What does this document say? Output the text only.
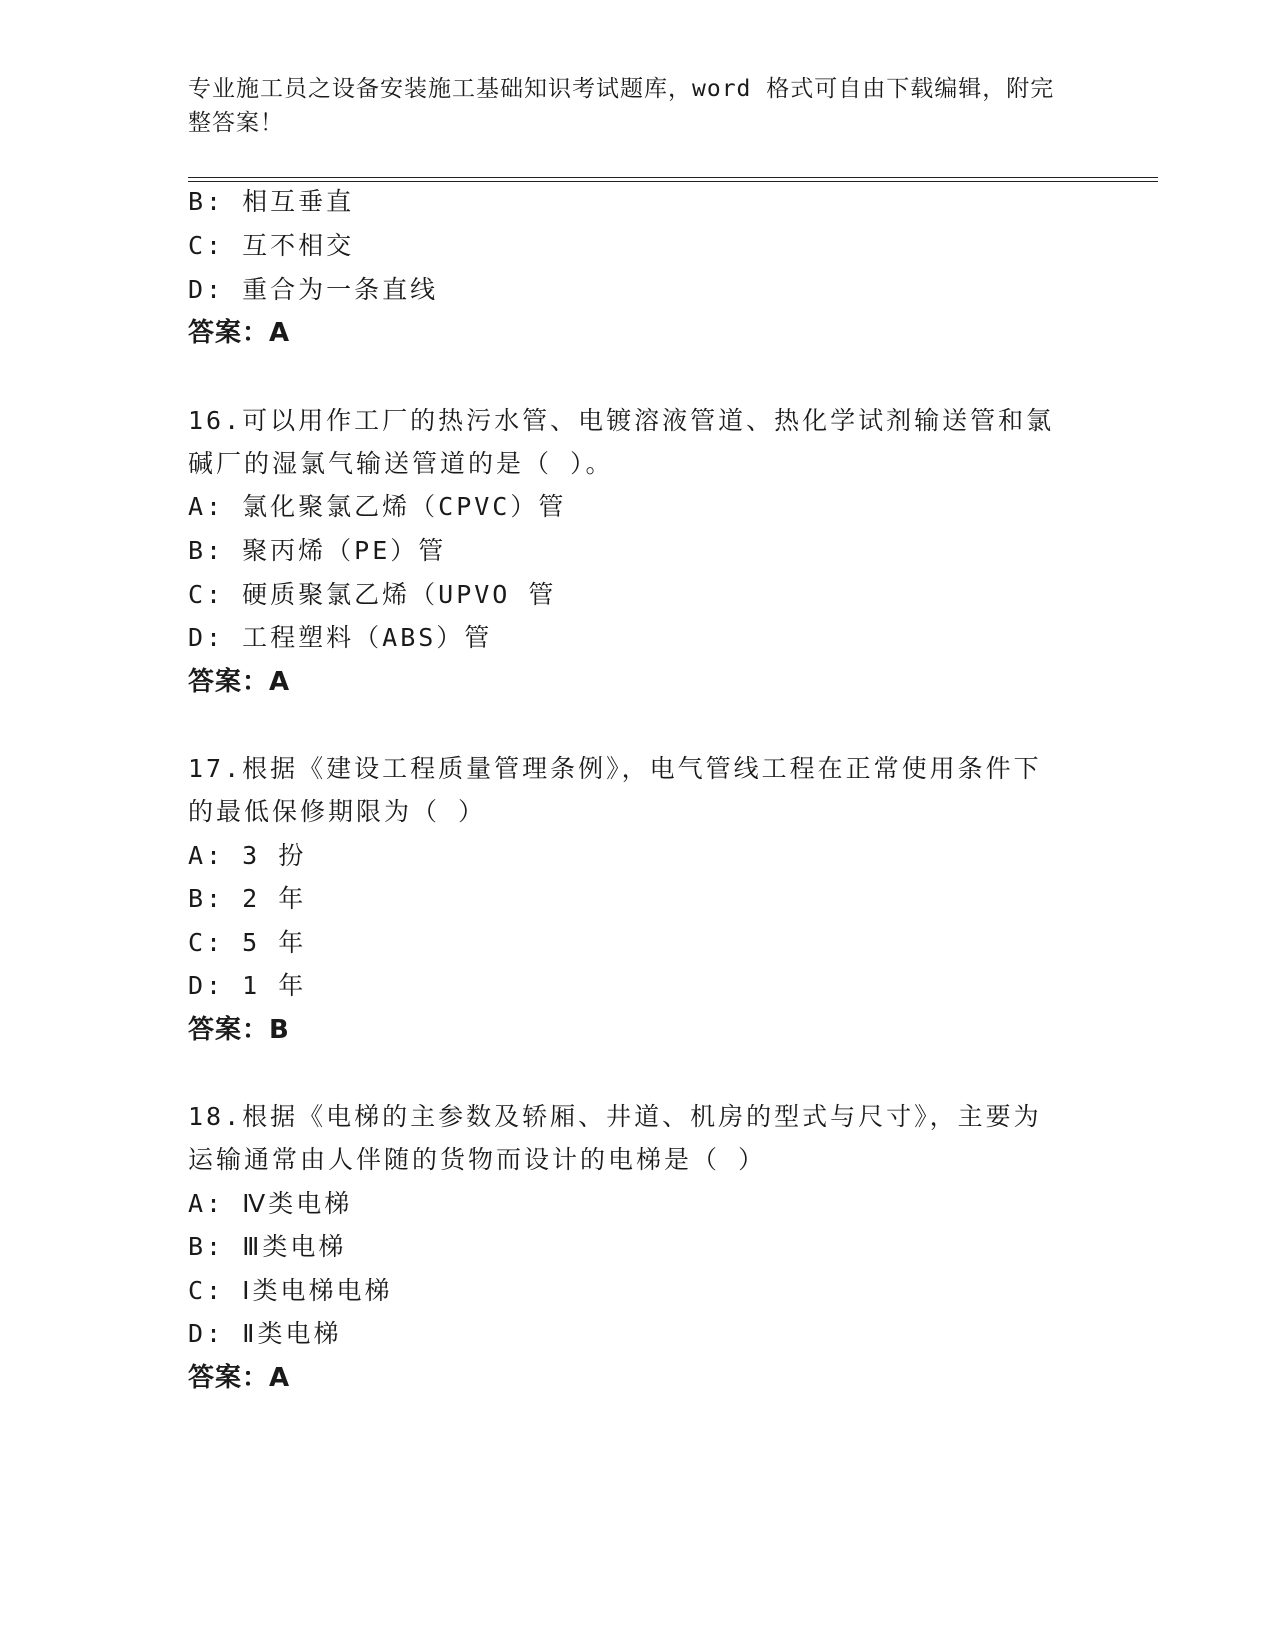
专业施工员之设备安装施工基础知识考试题库，word 格式可自由下载编辑，附完
整答案！
B: 相互垂直
C: 互不相交
D: 重合为一条直线
答案：A
16.可以用作工厂的热污水管、电镀溶液管道、热化学试剂输送管和氯
碱厂的湿氯气输送管道的是（ ）。
A: 氯化聚氯乙烯（CPVC）管
B: 聚丙烯（PE）管
C: 硬质聚氯乙烯（UPVO 管
D: 工程塑料（ABS）管
答案：A
17.根据《建设工程质量管理条例》，电气管线工程在正常使用条件下
的最低保修期限为（ ）
A: 3 扮
B: 2 年
C: 5 年
D: 1 年
答案：B
18.根据《电梯的主参数及轿厢、井道、机房的型式与尺寸》，主要为
运输通常由人伴随的货物而设计的电梯是（ ）
A: Ⅳ类电梯
B: Ⅲ类电梯
C: Ⅰ类电梯电梯
D: Ⅱ类电梯
答案：A
